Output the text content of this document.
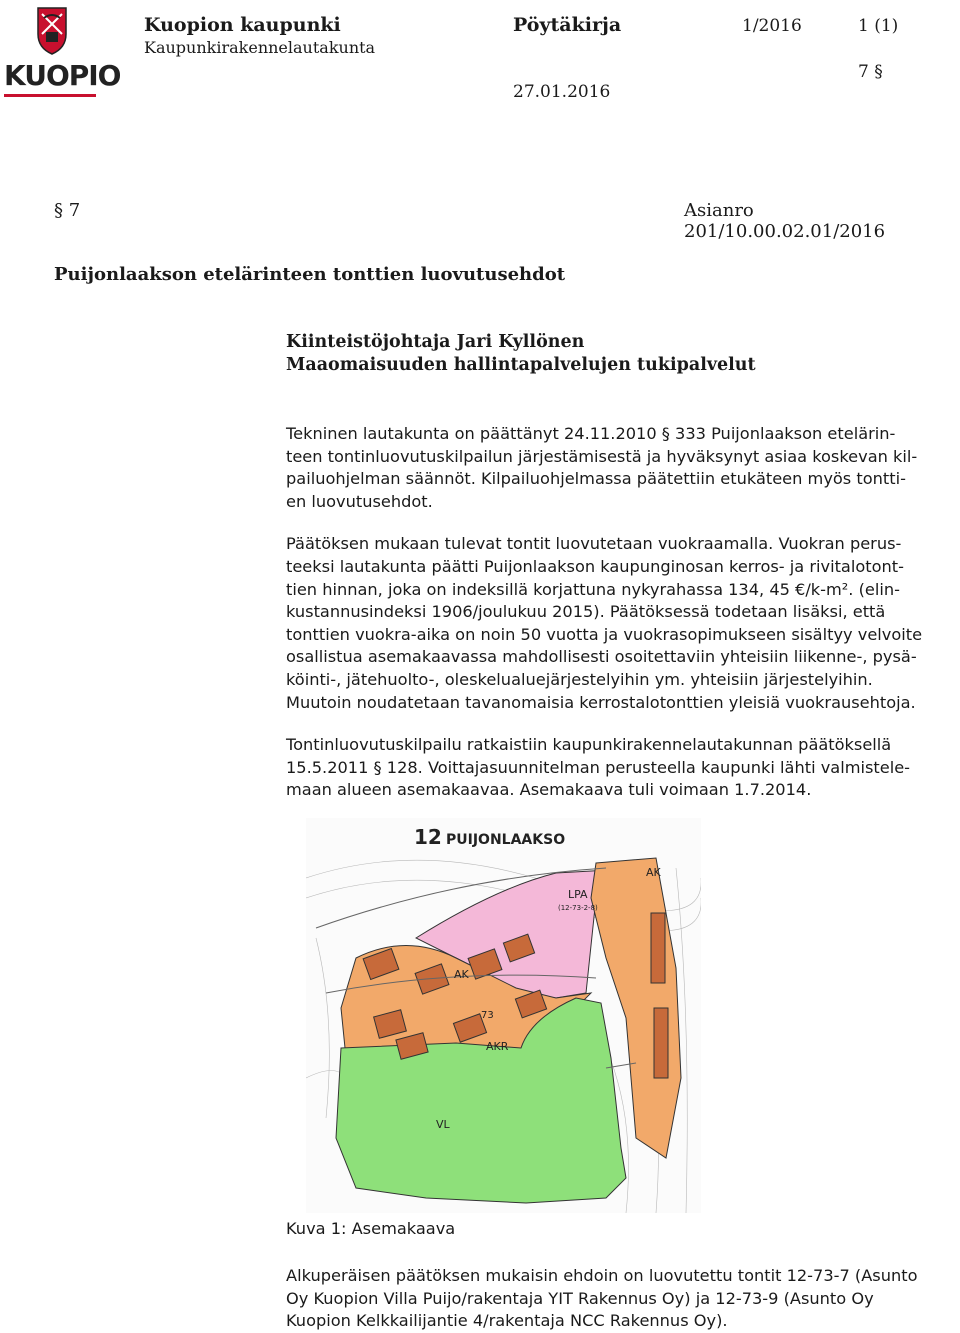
KUOPIO
Kuopion kaupunki
Kaupunkirakennelautakunta
Pöytäkirja	1/2016	1 (1)
7 §
27.01.2016
§ 7	Asianro 201/10.00.02.01/2016
Puijonlaakson etelärinteen tonttien luovutusehdot
Kiinteistöjohtaja Jari Kyllönen
Maaomaisuuden hallintapalvelujen tukipalvelut

Tekninen lautakunta on päättänyt 24.11.2010 § 333 Puijonlaakson etelärin-
teen tontinluovutuskilpailun järjestämisestä ja hyväksynyt asiaa koskevan kil-
pailuohjelman säännöt. Kilpailuohjelmassa päätettiin etukäteen myös tontti-
en luovutusehdot.

Päätöksen mukaan tulevat tontit luovutetaan vuokraamalla. Vuokran perus-
teeksi lautakunta päätti Puijonlaakson kaupunginosan kerros- ja rivitalotont-
tien hinnan, joka on indeksillä korjattuna nykyrahassa 134, 45 €/k-m². (elin-
kustannusindeksi 1906/joulukuu 2015). Päätöksessä todetaan lisäksi, että
tonttien vuokra-aika on noin 50 vuotta ja vuokrasopimukseen sisältyy velvoite
osallistua asemakaavassa mahdollisesti osoitettaviin yhteisiin liikenne-, pysä-
köinti-, jätehuolto-, oleskelualuejärjestelyihin ym. yhteisiin järjestelyihin.
Muutoin noudatetaan tavanomaisia kerrostalotonttien yleisiä vuokrausehtoja.

Tontinluovutuskilpailu ratkaistiin kaupunkirakennelautakunnan päätöksellä
15.5.2011 § 128. Voittajasuunnitelman perusteella kaupunki lähti valmistele-
maan alueen asemakaavaa. Asemakaava tuli voimaan 1.7.2014.

12 PUIJONLAAKSO
LPA
(12-73-2-8)
AK
AK
73
AKR
VL
Kuva 1: Asemakaava

Alkuperäisen päätöksen mukaisin ehdoin on luovutettu tontit 12-73-7 (Asunto
Oy Kuopion Villa Puijo/rakentaja YIT Rakennus Oy) ja 12-73-9 (Asunto Oy
Kuopion Kelkkailijantie 4/rakentaja NCC Rakennus Oy).
